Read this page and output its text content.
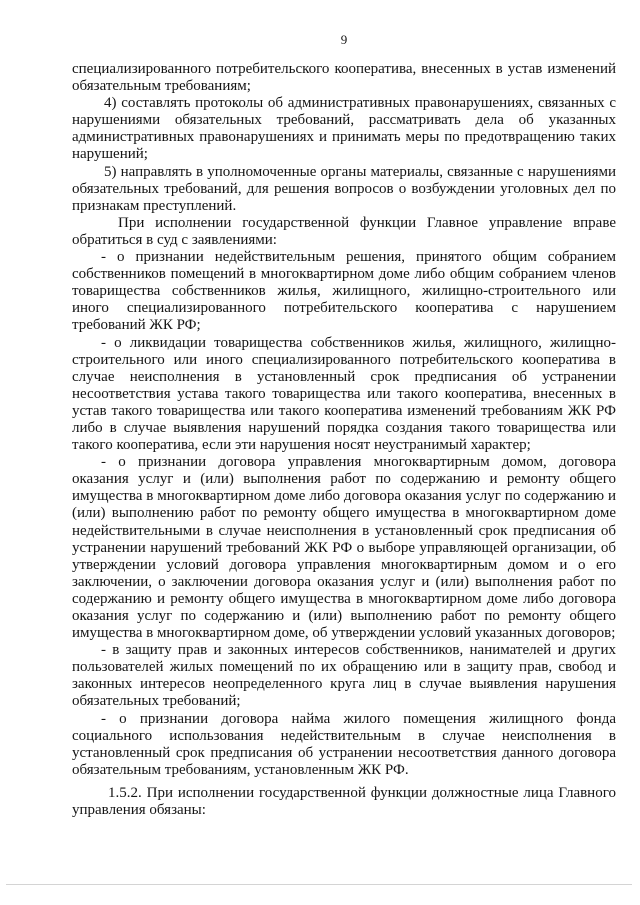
9
специализированного потребительского кооператива, внесенных в устав изменений
обязательным требованиям;
4) составлять протоколы об административных правонарушениях, связанных с
нарушениями обязательных требований, рассматривать дела об указанных
административных правонарушениях и принимать меры по предотвращению таких
нарушений;
5) направлять в уполномоченные органы материалы, связанные с нарушениями
обязательных требований, для решения вопросов о возбуждении уголовных дел по
признакам преступлений.
При исполнении государственной функции Главное управление вправе
обратиться в суд с заявлениями:
- о признании недействительным решения, принятого общим собранием
собственников помещений в многоквартирном доме либо общим собранием членов
товарищества собственников жилья, жилищного, жилищно-строительного или
иного специализированного потребительского кооператива с нарушением
требований ЖК РФ;
- о ликвидации товарищества собственников жилья, жилищного, жилищно-
строительного или иного специализированного потребительского кооператива в
случае неисполнения в установленный срок предписания об устранении
несоответствия устава такого товарищества или такого кооператива, внесенных в
устав такого товарищества или такого кооператива изменений требованиям ЖК РФ
либо в случае выявления нарушений порядка создания такого товарищества или
такого кооператива, если эти нарушения носят неустранимый характер;
- о признании договора управления многоквартирным домом, договора
оказания услуг и (или) выполнения работ по содержанию и ремонту общего
имущества в многоквартирном доме либо договора оказания услуг по содержанию и
(или) выполнению работ по ремонту общего имущества в многоквартирном доме
недействительными в случае неисполнения в установленный срок предписания об
устранении нарушений требований ЖК РФ о выборе управляющей организации, об
утверждении условий договора управления многоквартирным домом и о его
заключении, о заключении договора оказания услуг и (или) выполнения работ по
содержанию и ремонту общего имущества в многоквартирном доме либо договора
оказания услуг по содержанию и (или) выполнению работ по ремонту общего
имущества в многоквартирном доме, об утверждении условий указанных договоров;
- в защиту прав и законных интересов собственников, нанимателей и других
пользователей жилых помещений по их обращению или в защиту прав, свобод и
законных интересов неопределенного круга лиц в случае выявления нарушения
обязательных требований;
- о признании договора найма жилого помещения жилищного фонда
социального использования недействительным в случае неисполнения в
установленный срок предписания об устранении несоответствия данного договора
обязательным требованиям, установленным ЖК РФ.
1.5.2. При исполнении государственной функции должностные лица Главного
управления обязаны:
